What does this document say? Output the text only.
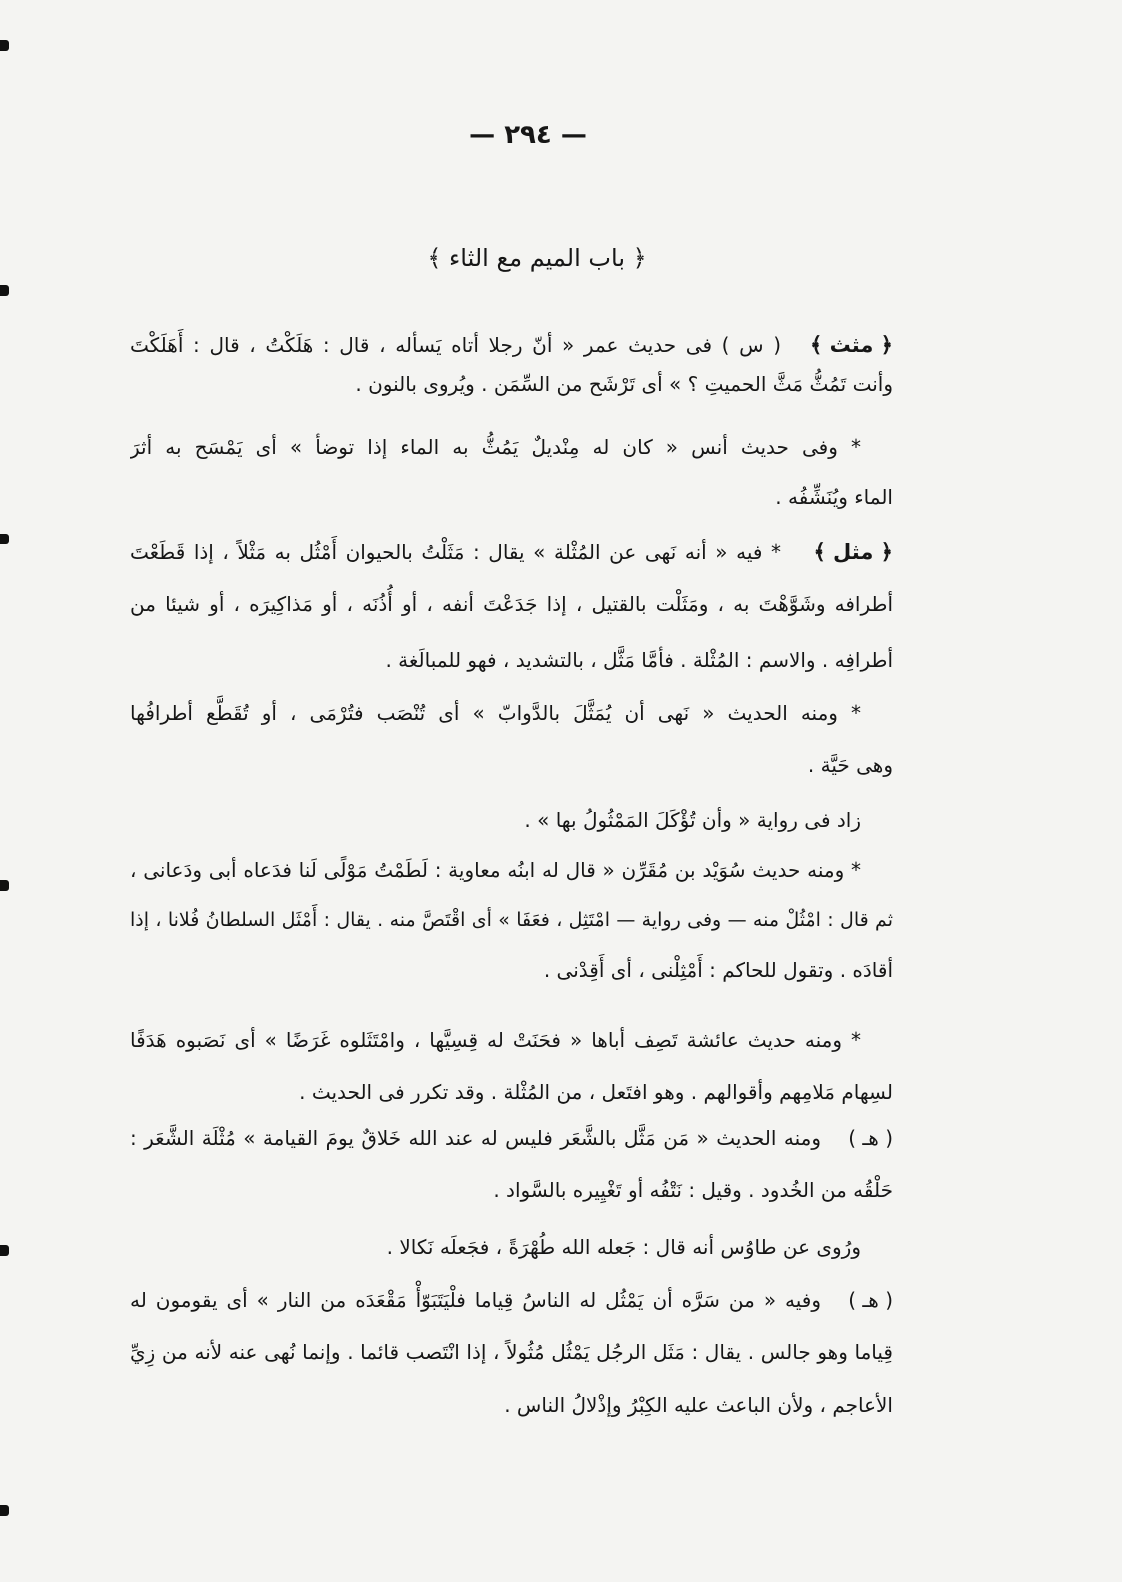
— ٢٩٤ —
﴿ باب الميم مع الثاء ﴾
﴿ مثث ﴾
( س ) فى حديث عمر « أنّ رجلا أتاه يَسأله ، قال : هَلَكْتُ ، قال : أَهَلَكْتَ
وأنت تَمُثُّ مَثَّ الحميتِ ؟ » أى تَرْشَح من السِّمَن . ويُروى بالنون .
* وفى حديث أنس « كان له مِنْديلٌ يَمُثُّ به الماء إذا توضأ » أى يَمْسَح به أثرَ
الماء ويُنَشِّفُه .
﴿ مثل ﴾
* فيه « أنه نَهى عن المُثْلة » يقال : مَثَلْتُ بالحيوان أَمْثُل به مَثْلاً ، إذا قَطَعْتَ
أطرافه وشَوَّهْتَ به ، ومَثَلْت بالقتيل ، إذا جَدَعْتَ أنفه ، أو أُذُنَه ، أو مَذاكِيرَه ، أو شيئا من
أطرافِه . والاسم : المُثْلة . فأمَّا مَثَّل ، بالتشديد ، فهو للمبالَغة .
* ومنه الحديث « نَهى أن يُمَثَّلَ بالدَّوابّ » أى تُنْصَب فتُرْمَى ، أو تُقَطَّع أطرافُها
وهى حَيَّة .
زاد فى رواية « وأن تُؤْكَلَ المَمْثُولُ بها » .
* ومنه حديث سُوَيْد بن مُقَرِّن « قال له ابنُه معاوية : لَطَمْتُ مَوْلًى لَنا فدَعاه أبى ودَعانى ،
ثم قال : امْثُلْ منه — وفى رواية — امْتَثِل ، فعَفَا » أى اقْتَصَّ منه . يقال : أَمْثَل السلطانُ فُلانا ، إذا
أقادَه . وتقول للحاكم : أَمْثِلْنى ، أى أَقِدْنى .
* ومنه حديث عائشة تَصِف أباها « فحَنَتْ له قِسِيَّها ، وامْتَثَلوه غَرَضًا » أى نَصَبوه هَدَفًا
لسِهام مَلامِهم وأقوالهم . وهو افتَعل ، من المُثْلة . وقد تكرر فى الحديث .
( هـ )
ومنه الحديث « مَن مَثَّل بالشَّعَر فليس له عند الله خَلاقٌ يومَ القيامة » مُثْلَة الشَّعَر :
حَلْقُه من الخُدود . وقيل : نَتْفُه أو تَغْيِيره بالسَّواد .
ورُوى عن طاوُس أنه قال : جَعله الله طُهْرَةً ، فجَعلَه نَكالا .
( هـ )
وفيه « من سَرَّه أن يَمْثُل له الناسُ قِياما فلْيَتَبَوّأْ مَقْعَدَه من النار » أى يقومون له
قِياما وهو جالس . يقال : مَثَل الرجُل يَمْثُل مُثُولاً ، إذا انْتَصب قائما . وإنما نُهى عنه لأنه من زِيِّ
الأعاجم ، ولأن الباعث عليه الكِبْرُ وإذْلالُ الناس .
